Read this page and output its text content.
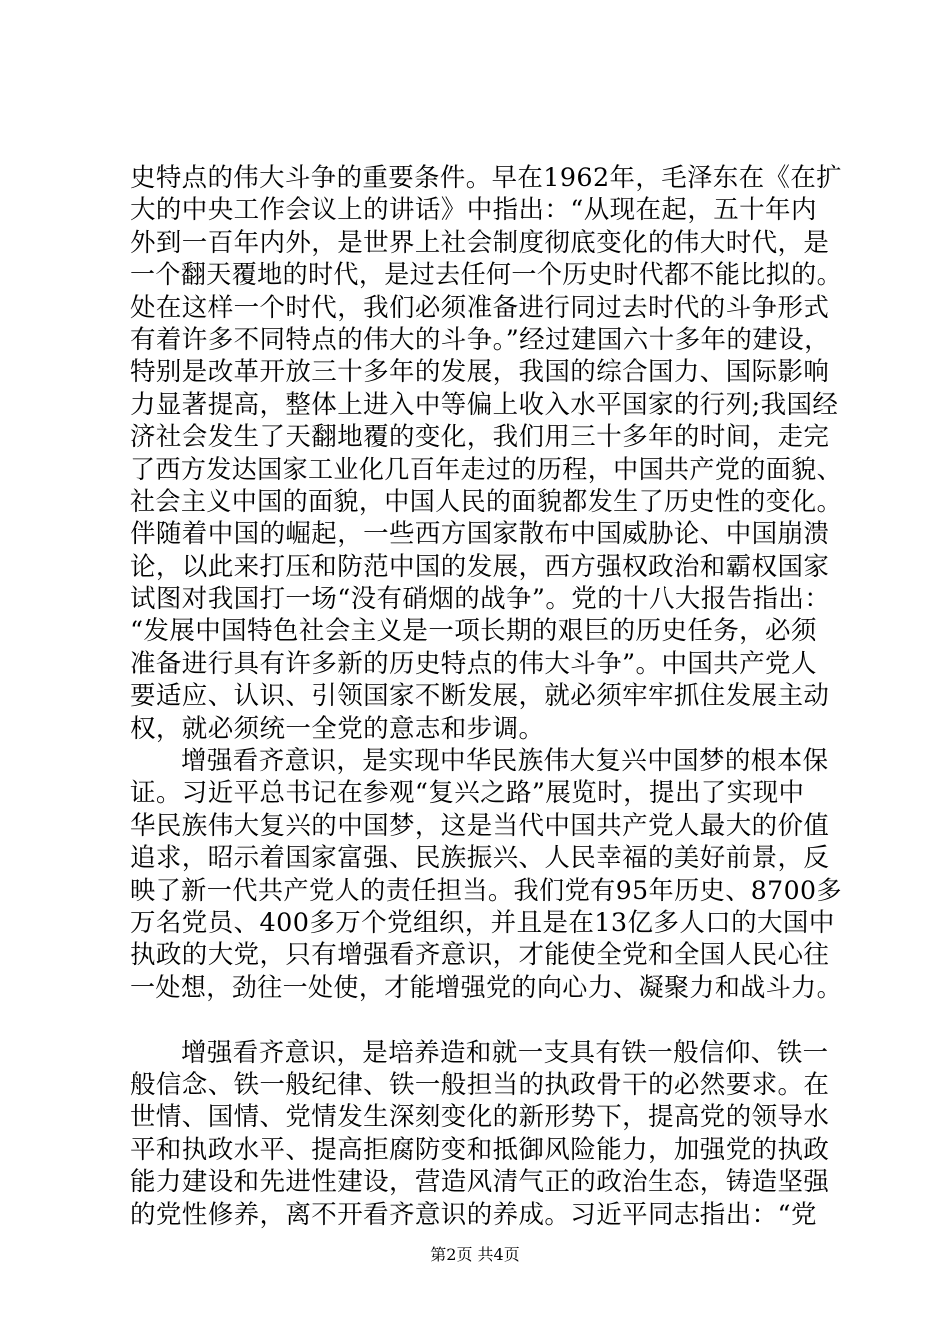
史特点的伟大斗争的重要条件。早在1962年，毛泽东在《在扩
大的中央工作会议上的讲话》中指出：“从现在起，五十年内
外到一百年内外，是世界上社会制度彻底变化的伟大时代，是
一个翻天覆地的时代，是过去任何一个历史时代都不能比拟的。
处在这样一个时代，我们必须准备进行同过去时代的斗争形式
有着许多不同特点的伟大的斗争。”经过建国六十多年的建设，
特别是改革开放三十多年的发展，我国的综合国力、国际影响
力显著提高，整体上进入中等偏上收入水平国家的行列;我国经
济社会发生了天翻地覆的变化，我们用三十多年的时间，走完
了西方发达国家工业化几百年走过的历程，中国共产党的面貌、
社会主义中国的面貌，中国人民的面貌都发生了历史性的变化。
伴随着中国的崛起，一些西方国家散布中国威胁论、中国崩溃
论，以此来打压和防范中国的发展，西方强权政治和霸权国家
试图对我国打一场“没有硝烟的战争”。党的十八大报告指出：
“发展中国特色社会主义是一项长期的艰巨的历史任务，必须
准备进行具有许多新的历史特点的伟大斗争”。中国共产党人
要适应、认识、引领国家不断发展，就必须牢牢抓住发展主动
权，就必须统一全党的意志和步调。
增强看齐意识，是实现中华民族伟大复兴中国梦的根本保
证。习近平总书记在参观“复兴之路”展览时，提出了实现中
华民族伟大复兴的中国梦，这是当代中国共产党人最大的价值
追求，昭示着国家富强、民族振兴、人民幸福的美好前景，反
映了新一代共产党人的责任担当。我们党有95年历史、8700多
万名党员、400多万个党组织，并且是在13亿多人口的大国中
执政的大党，只有增强看齐意识，才能使全党和全国人民心往
一处想，劲往一处使，才能增强党的向心力、凝聚力和战斗力。
增强看齐意识，是培养造和就一支具有铁一般信仰、铁一
般信念、铁一般纪律、铁一般担当的执政骨干的必然要求。在
世情、国情、党情发生深刻变化的新形势下，提高党的领导水
平和执政水平、提高拒腐防变和抵御风险能力，加强党的执政
能力建设和先进性建设，营造风清气正的政治生态，铸造坚强
的党性修养，离不开看齐意识的养成。习近平同志指出：“党
第2页 共4页
